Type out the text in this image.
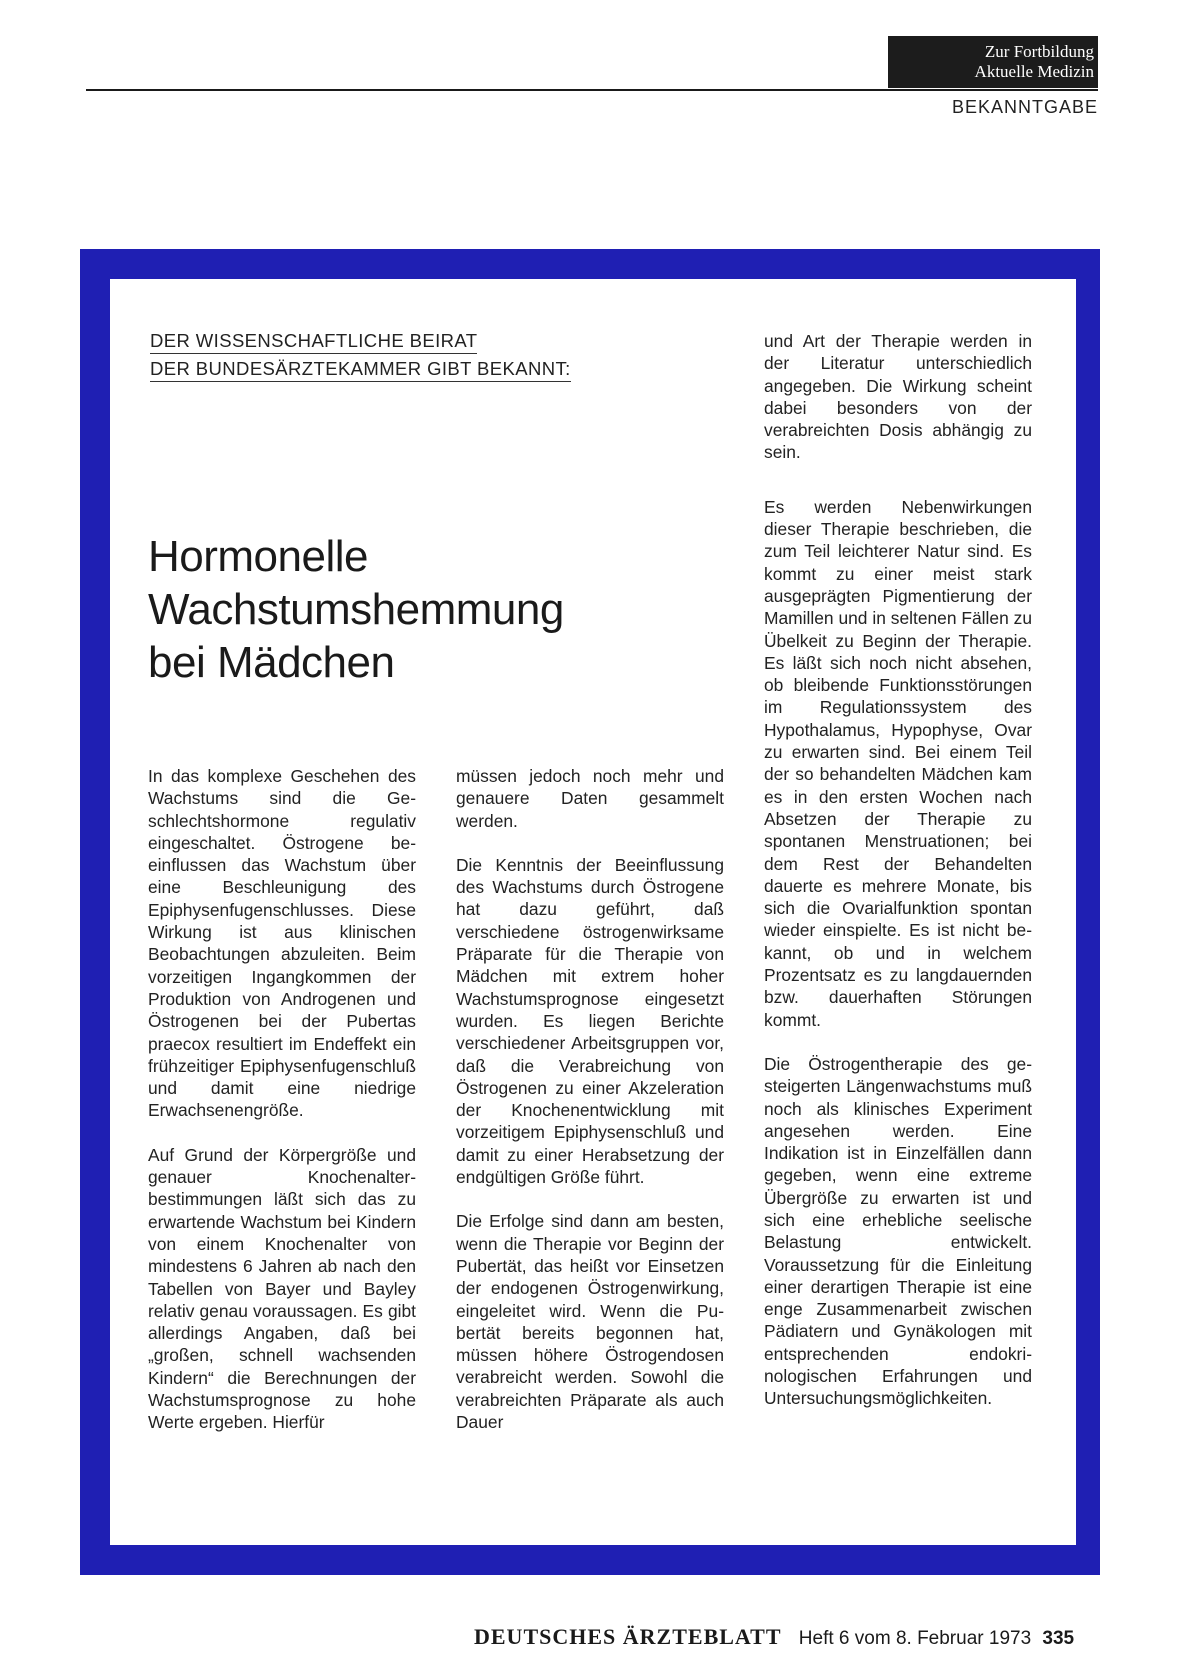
Zur Fortbildung
Aktuelle Medizin
BEKANNTGABE
DER WISSENSCHAFTLICHE BEIRAT
DER BUNDESÄRZTEKAMMER GIBT BEKANNT:
Hormonelle
Wachstumshemmung
bei Mädchen

In das komplexe Geschehen des Wachstums sind die Geschlechtshormone regulativ eingeschaltet. Östrogene beeinflussen das Wachstum über eine Beschleunigung des Epiphysenfugenschlusses. Diese Wirkung ist aus klinischen Beobachtungen abzuleiten. Beim vorzeitigen Ingangkommen der Produktion von Androgenen und Östrogenen bei der Pubertas praecox resultiert im Endeffekt ein frühzeitiger Epiphysenfugenschluß und damit eine niedrige Erwachsenengröße.

Auf Grund der Körpergröße und genauer Knochenalterbestimmungen läßt sich das zu erwartende Wachstum bei Kindern von einem Knochenalter von mindestens 6 Jahren ab nach den Tabellen von Bayer und Bayley relativ genau voraussagen. Es gibt allerdings Angaben, daß bei „großen, schnell wachsenden Kindern“ die Berechnungen der Wachstumsprognose zu hohe Werte ergeben. Hierfür

müssen jedoch noch mehr und genauere Daten gesammelt werden.

Die Kenntnis der Beeinflussung des Wachstums durch Östrogene hat dazu geführt, daß verschiedene östrogenwirksame Präparate für die Therapie von Mädchen mit extrem hoher Wachstumsprognose eingesetzt wurden. Es liegen Berichte verschiedener Arbeitsgruppen vor, daß die Verabreichung von Östrogenen zu einer Akzeleration der Knochenentwicklung mit vorzeitigem Epiphysenschluß und damit zu einer Herabsetzung der endgültigen Größe führt.

Die Erfolge sind dann am besten, wenn die Therapie vor Beginn der Pubertät, das heißt vor Einsetzen der endogenen Östrogenwirkung, eingeleitet wird. Wenn die Pubertät bereits begonnen hat, müssen höhere Östrogendosen verabreicht werden. Sowohl die verabreichten Präparate als auch Dauer

und Art der Therapie werden in der Literatur unterschiedlich angegeben. Die Wirkung scheint dabei besonders von der verabreichten Dosis abhängig zu sein.

Es werden Nebenwirkungen dieser Therapie beschrieben, die zum Teil leichterer Natur sind. Es kommt zu einer meist stark ausgeprägten Pigmentierung der Mamillen und in seltenen Fällen zu Übelkeit zu Beginn der Therapie. Es läßt sich noch nicht absehen, ob bleibende Funktionsstörungen im Regulationssystem des Hypothalamus, Hypophyse, Ovar zu erwarten sind. Bei einem Teil der so behandelten Mädchen kam es in den ersten Wochen nach Absetzen der Therapie zu spontanen Menstruationen; bei dem Rest der Behandelten dauerte es mehrere Monate, bis sich die Ovarialfunktion spontan wieder einspielte. Es ist nicht bekannt, ob und in welchem Prozentsatz es zu langdauernden bzw. dauerhaften Störungen kommt.

Die Östrogentherapie des gesteigerten Längenwachstums muß noch als klinisches Experiment angesehen werden. Eine Indikation ist in Einzelfällen dann gegeben, wenn eine extreme Übergröße zu erwarten ist und sich eine erhebliche seelische Belastung entwickelt. Voraussetzung für die Einleitung einer derartigen Therapie ist eine enge Zusammenarbeit zwischen Pädiatern und Gynäkologen mit entsprechenden endokrinologischen Erfahrungen und Untersuchungsmöglichkeiten.

DEUTSCHES ÄRZTEBLATT Heft 6 vom 8. Februar 1973 335
